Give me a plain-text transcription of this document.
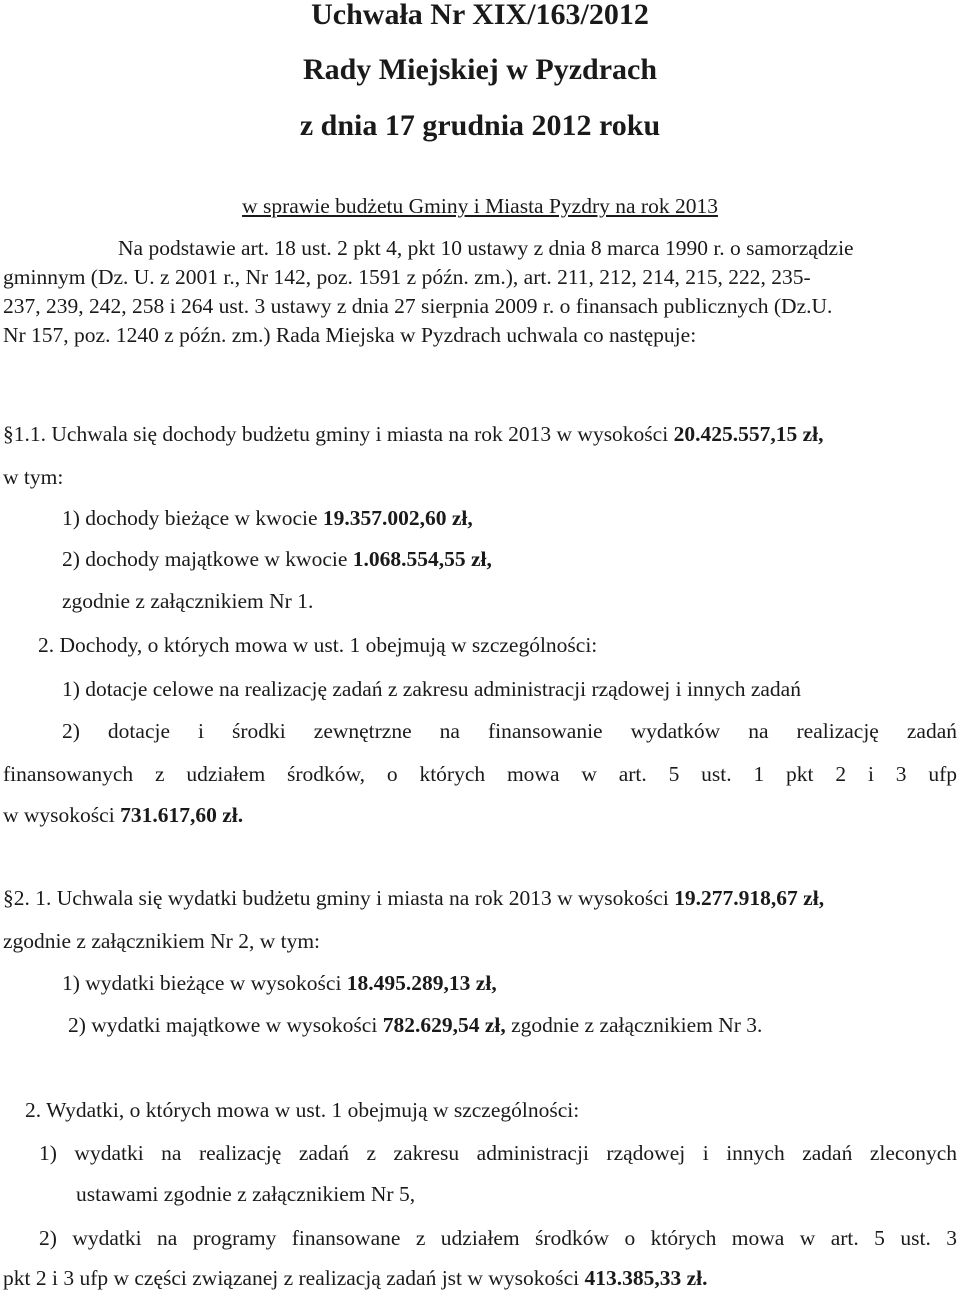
Uchwała Nr XIX/163/2012
Rady Miejskiej w Pyzdrach
z dnia 17 grudnia 2012 roku
w sprawie budżetu Gminy i Miasta Pyzdry na rok 2013
Na podstawie art. 18 ust. 2 pkt 4, pkt 10 ustawy z dnia 8 marca 1990 r. o samorządzie
gminnym (Dz. U. z 2001 r., Nr 142, poz. 1591 z późn. zm.), art. 211, 212, 214, 215, 222, 235-
237, 239, 242, 258 i 264 ust. 3 ustawy z dnia 27 sierpnia 2009 r. o finansach publicznych (Dz.U.
Nr 157, poz. 1240 z późn. zm.) Rada Miejska w Pyzdrach uchwala co następuje:
§1.1. Uchwala się dochody budżetu gminy i miasta na rok 2013 w wysokości 20.425.557,15 zł,
w tym:
1) dochody bieżące w kwocie 19.357.002,60 zł,
2) dochody majątkowe w kwocie 1.068.554,55 zł,
zgodnie z załącznikiem Nr 1.
2. Dochody, o których mowa w ust. 1 obejmują w szczególności:
1) dotacje celowe na realizację zadań z zakresu administracji rządowej i innych zadań
2) dotacje i środki zewnętrzne na finansowanie wydatków na realizację zadań
finansowanych z udziałem środków, o których mowa w art. 5 ust. 1 pkt 2 i 3 ufp
w wysokości 731.617,60 zł.
§2. 1. Uchwala się wydatki budżetu gminy i miasta na rok 2013 w wysokości 19.277.918,67 zł,
zgodnie z załącznikiem Nr 2, w tym:
1) wydatki bieżące w wysokości 18.495.289,13 zł,
2) wydatki majątkowe w wysokości 782.629,54 zł, zgodnie z załącznikiem Nr 3.
2. Wydatki, o których mowa w ust. 1 obejmują w szczególności:
1) wydatki na realizację zadań z zakresu administracji rządowej i innych zadań zleconych
ustawami zgodnie z załącznikiem Nr 5,
2) wydatki na programy finansowane z udziałem środków o których mowa w art. 5 ust. 3
pkt 2 i 3 ufp w części związanej z realizacją zadań jst w wysokości 413.385,33 zł.
